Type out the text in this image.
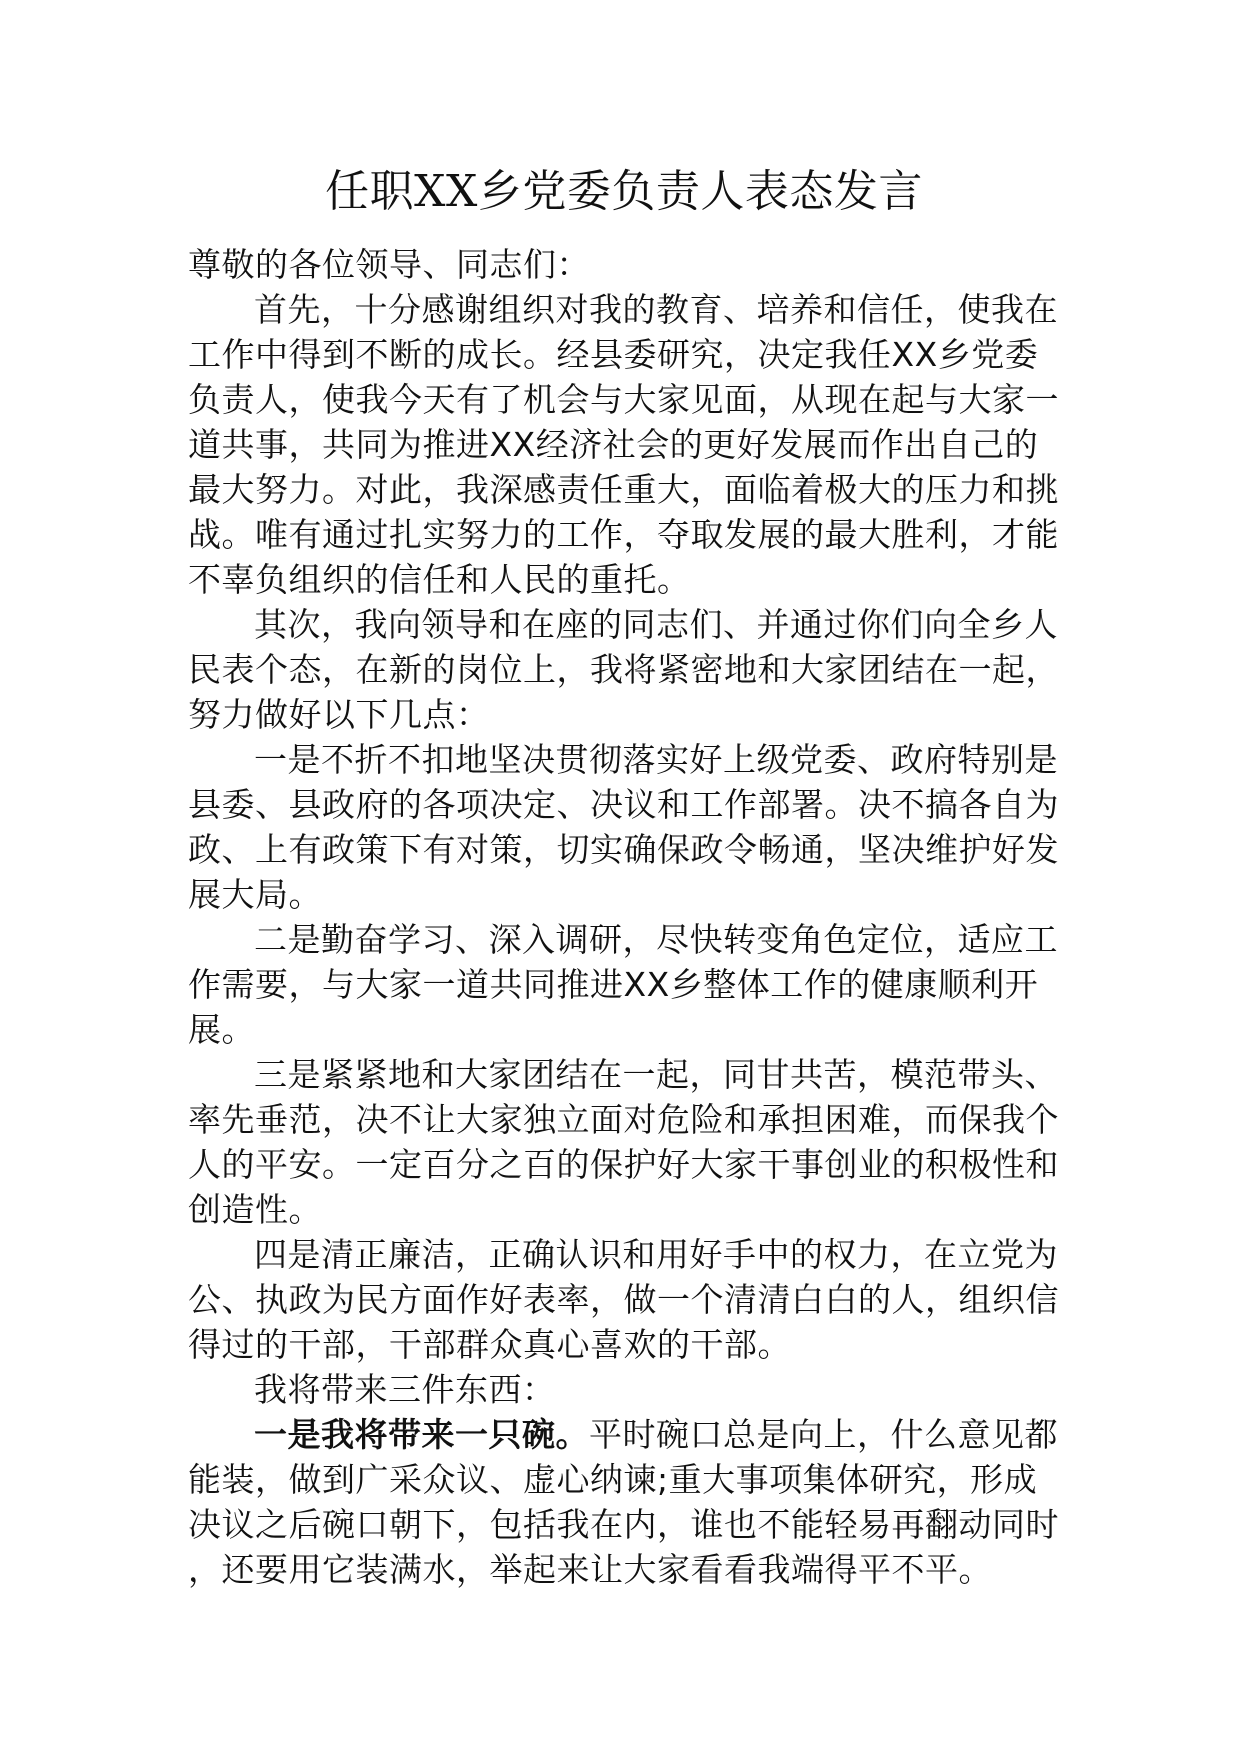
任职XX乡党委负责人表态发言

尊敬的各位领导、同志们：

首先，十分感谢组织对我的教育、培养和信任，使我在工作中得到不断的成长。经县委研究，决定我任XX乡党委负责人，使我今天有了机会与大家见面，从现在起与大家一道共事，共同为推进XX经济社会的更好发展而作出自己的最大努力。对此，我深感责任重大，面临着极大的压力和挑战。唯有通过扎实努力的工作，夺取发展的最大胜利，才能不辜负组织的信任和人民的重托。

其次，我向领导和在座的同志们、并通过你们向全乡人民表个态，在新的岗位上，我将紧密地和大家团结在一起，努力做好以下几点：

一是不折不扣地坚决贯彻落实好上级党委、政府特别是县委、县政府的各项决定、决议和工作部署。决不搞各自为政、上有政策下有对策，切实确保政令畅通，坚决维护好发展大局。

二是勤奋学习、深入调研，尽快转变角色定位，适应工作需要，与大家一道共同推进XX乡整体工作的健康顺利开展。

三是紧紧地和大家团结在一起，同甘共苦，模范带头、率先垂范，决不让大家独立面对危险和承担困难，而保我个人的平安。一定百分之百的保护好大家干事创业的积极性和创造性。

四是清正廉洁，正确认识和用好手中的权力，在立党为公、执政为民方面作好表率，做一个清清白白的人，组织信得过的干部，干部群众真心喜欢的干部。

我将带来三件东西：

一是我将带来一只碗。平时碗口总是向上，什么意见都能装，做到广采众议、虚心纳谏;重大事项集体研究，形成决议之后碗口朝下，包括我在内，谁也不能轻易再翻动同时，还要用它装满水，举起来让大家看看我端得平不平。
